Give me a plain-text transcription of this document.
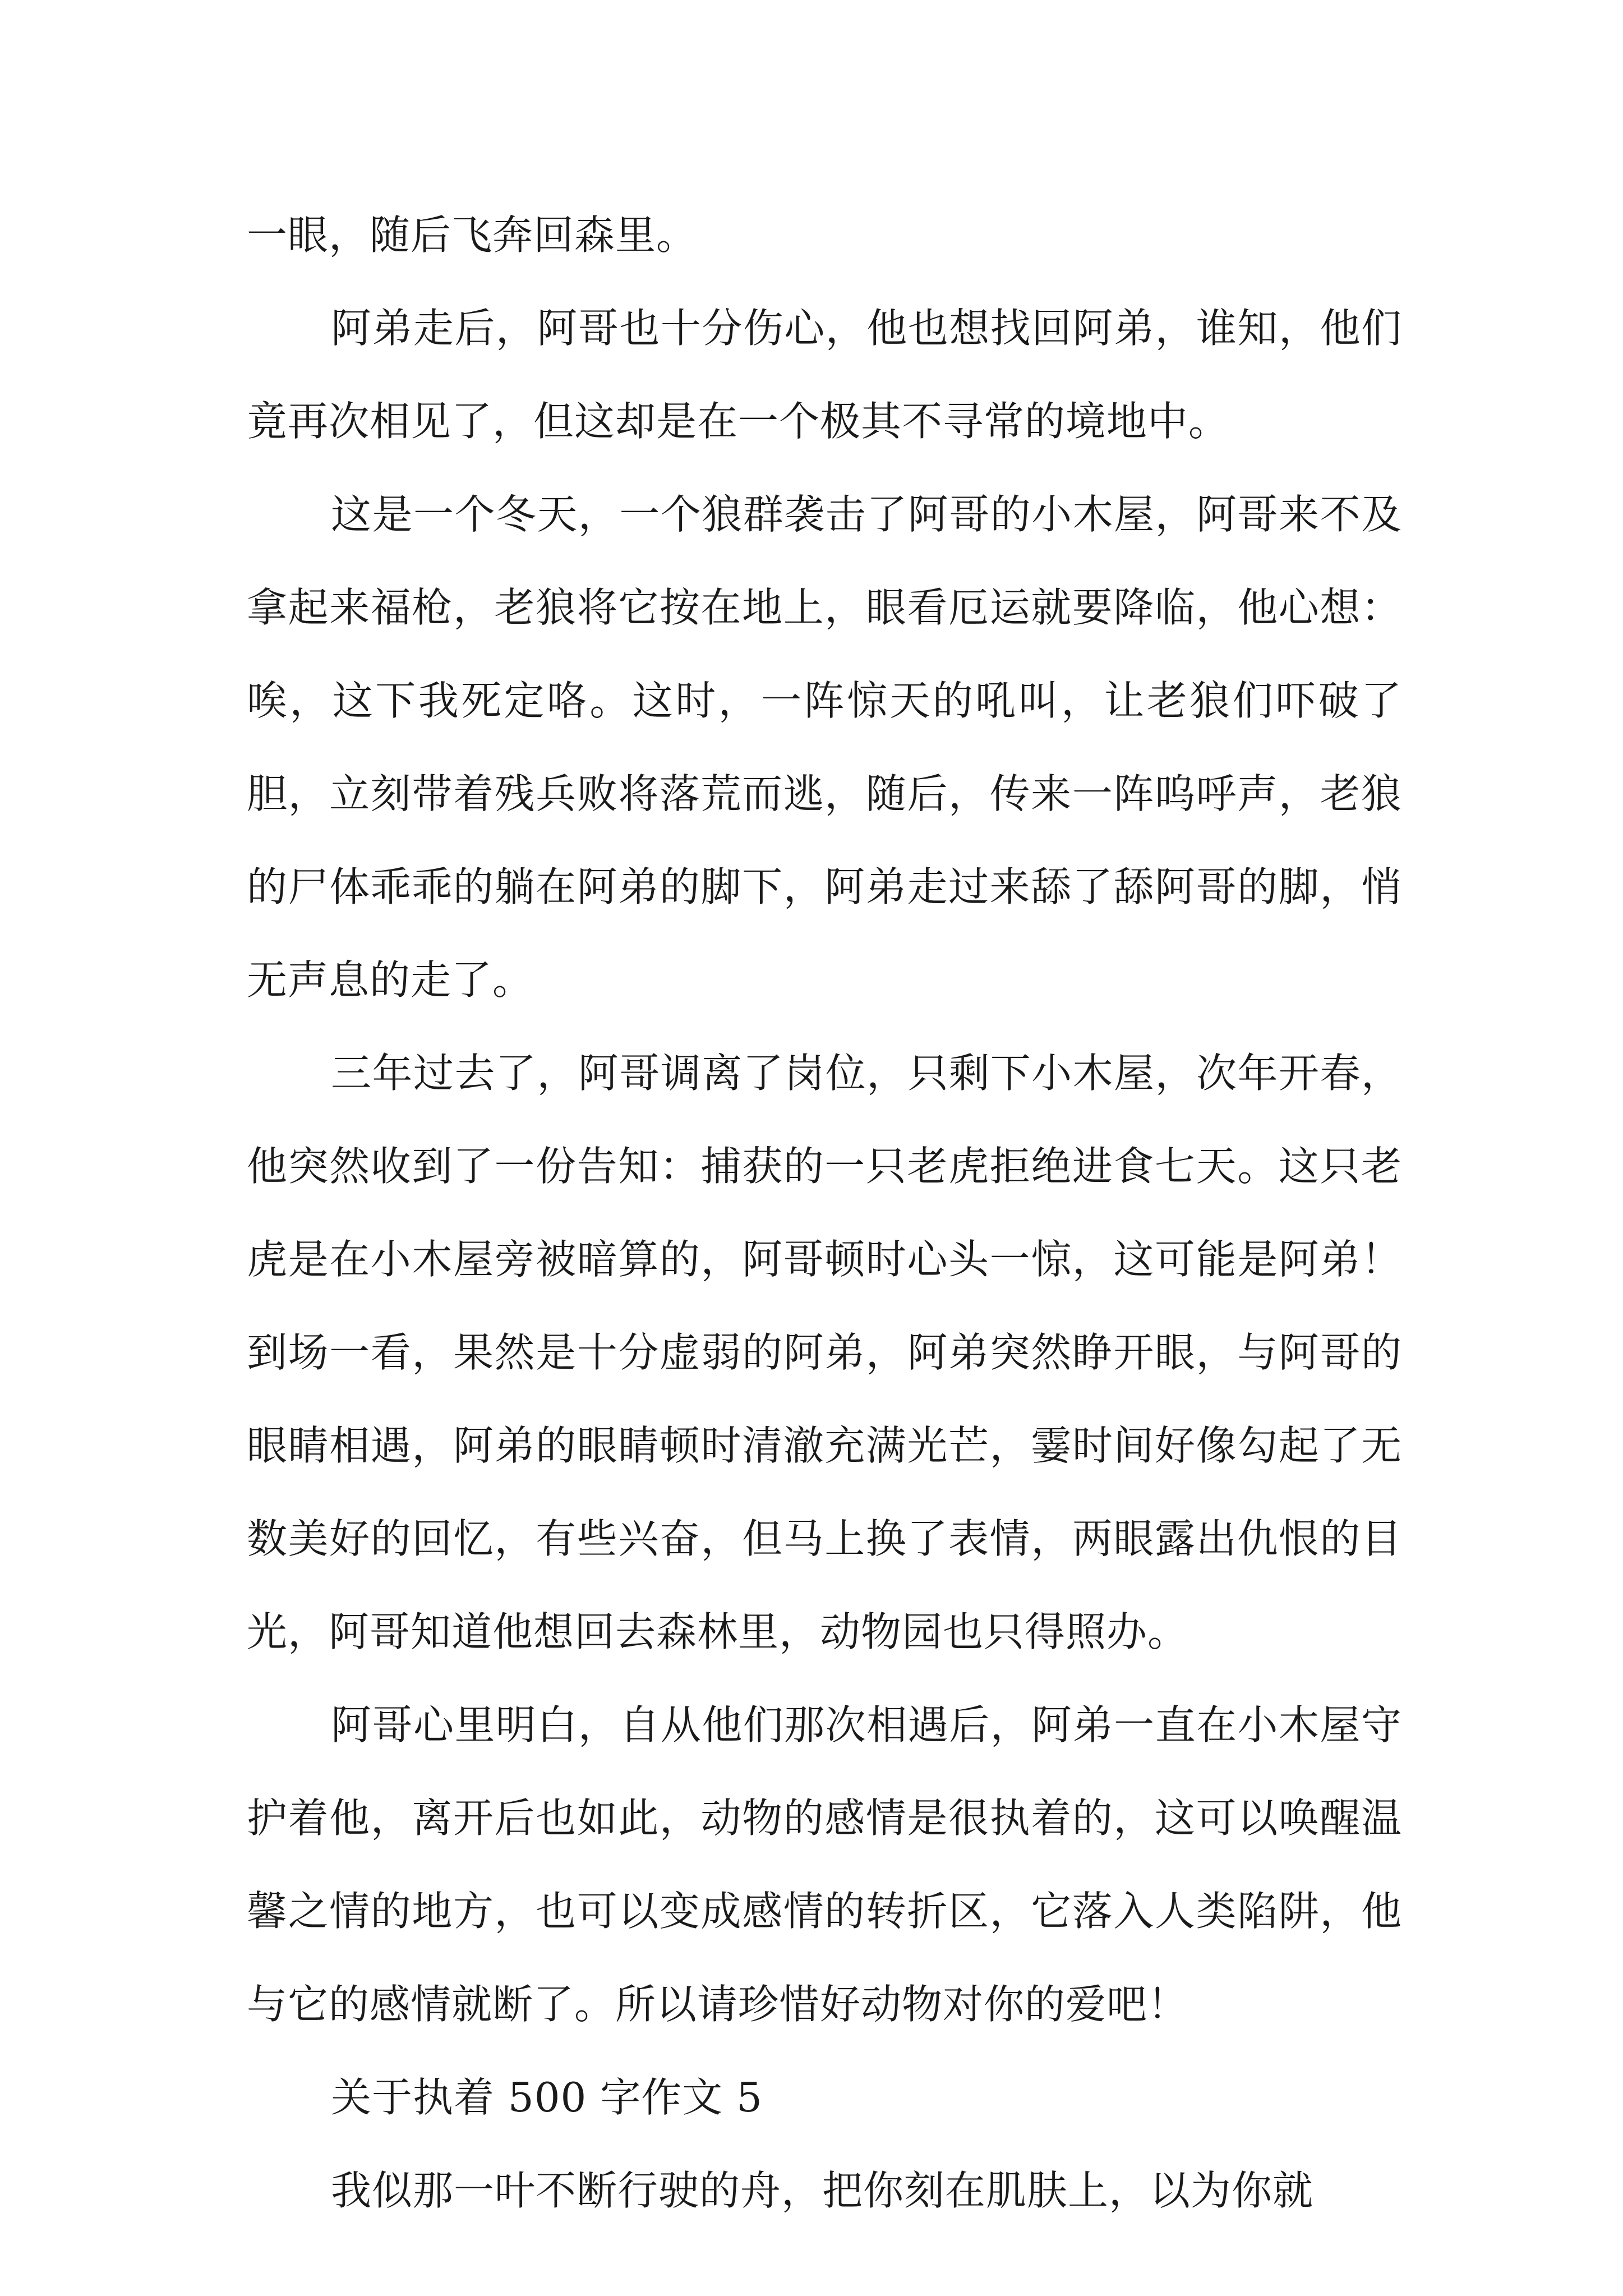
一眼，随后飞奔回森里。

阿弟走后，阿哥也十分伤心，他也想找回阿弟，谁知，他们竟再次相见了，但这却是在一个极其不寻常的境地中。

这是一个冬天，一个狼群袭击了阿哥的小木屋，阿哥来不及拿起来福枪，老狼将它按在地上，眼看厄运就要降临，他心想：唉，这下我死定咯。这时，一阵惊天的吼叫，让老狼们吓破了胆，立刻带着残兵败将落荒而逃，随后，传来一阵呜呼声，老狼的尸体乖乖的躺在阿弟的脚下，阿弟走过来舔了舔阿哥的脚，悄无声息的走了。

三年过去了，阿哥调离了岗位，只剩下小木屋，次年开春，他突然收到了一份告知：捕获的一只老虎拒绝进食七天。这只老虎是在小木屋旁被暗算的，阿哥顿时心头一惊，这可能是阿弟！到场一看，果然是十分虚弱的阿弟，阿弟突然睁开眼，与阿哥的眼睛相遇，阿弟的眼睛顿时清澈充满光芒，霎时间好像勾起了无数美好的回忆，有些兴奋，但马上换了表情，两眼露出仇恨的目光，阿哥知道他想回去森林里，动物园也只得照办。

阿哥心里明白，自从他们那次相遇后，阿弟一直在小木屋守护着他，离开后也如此，动物的感情是很执着的，这可以唤醒温馨之情的地方，也可以变成感情的转折区，它落入人类陷阱，他与它的感情就断了。所以请珍惜好动物对你的爱吧！

关于执着 500 字作文 5

我似那一叶不断行驶的舟，把你刻在肌肤上，以为你就
